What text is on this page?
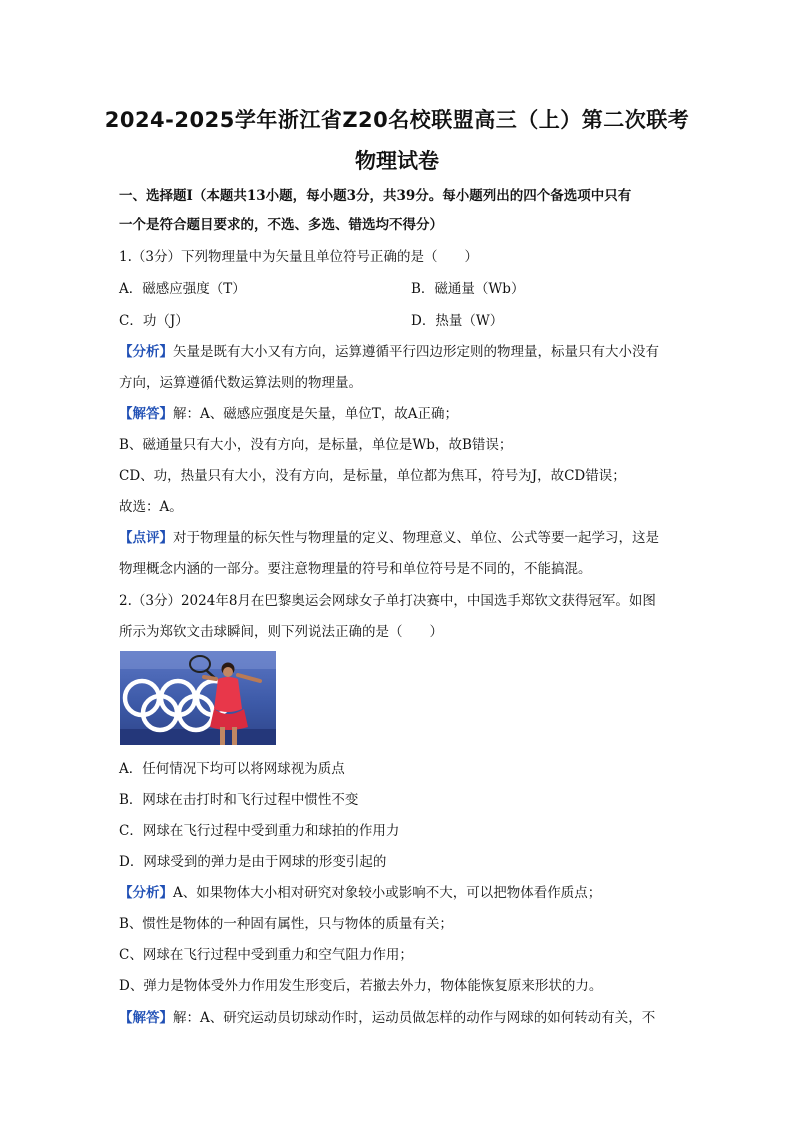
2024-2025学年浙江省Z20名校联盟高三（上）第二次联考
物理试卷
一、选择题Ⅰ（本题共13小题，每小题3分，共39分。每小题列出的四个备选项中只有
一个是符合题目要求的，不选、多选、错选均不得分）
1.（3分）下列物理量中为矢量且单位符号正确的是（　　）
A．磁感应强度（T）	B．磁通量（Wb）
C．功（J）	D．热量（W）
【分析】矢量是既有大小又有方向，运算遵循平行四边形定则的物理量，标量只有大小没有
方向，运算遵循代数运算法则的物理量。
【解答】解：A、磁感应强度是矢量，单位T，故A正确；
B、磁通量只有大小，没有方向，是标量，单位是Wb，故B错误；
CD、功，热量只有大小，没有方向，是标量，单位都为焦耳，符号为J，故CD错误；
故选：A。
【点评】对于物理量的标矢性与物理量的定义、物理意义、单位、公式等要一起学习，这是
物理概念内涵的一部分。要注意物理量的符号和单位符号是不同的，不能搞混。
2.（3分）2024年8月在巴黎奥运会网球女子单打决赛中，中国选手郑钦文获得冠军。如图
所示为郑钦文击球瞬间，则下列说法正确的是（　　）
A．任何情况下均可以将网球视为质点
B．网球在击打时和飞行过程中惯性不变
C．网球在飞行过程中受到重力和球拍的作用力
D．网球受到的弹力是由于网球的形变引起的
【分析】A、如果物体大小相对研究对象较小或影响不大，可以把物体看作质点；
B、惯性是物体的一种固有属性，只与物体的质量有关；
C、网球在飞行过程中受到重力和空气阻力作用；
D、弹力是物体受外力作用发生形变后，若撤去外力，物体能恢复原来形状的力。
【解答】解：A、研究运动员切球动作时，运动员做怎样的动作与网球的如何转动有关，不
